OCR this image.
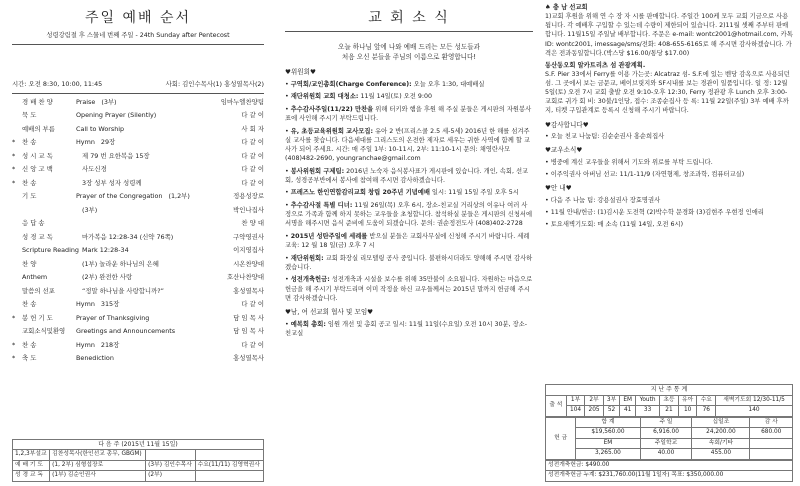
주일 예배 순서
성령강림절 후 스물네 번째 주일 - 24th Sunday after Pentecost
시간: 오전 8:30, 10:00, 11:45	사회: 김인수목사(1) 홍성열목사(2)
경 배 찬 양	Praise (3부)	임마누엘찬양팀
묵 도	Opening Prayer (Silently)	다 같 이
예배의 부름	Call to Worship	사 회 자
*	찬 송	Hymn 29장	다 같 이
*	성 시 교 독	제 79 번 요한복음 15장	다 같 이
*	신 앙 고 백	사도신경	다 같 이
*	찬 송	3장 성부 성자 성령께	다 같 이
기 도	Prayer of the Congregation (1,2부)	정용성장로
(3부)	박인나집사
응 답 송	찬 양 대
성 경 교 독	마가복음 12:28-34 (신약 76쪽)	구약영권사
Scripture Reading Mark 12:28-34	이지영집사
찬 양	(1부) 놀라운 하나님의 은혜	시온찬양대
Anthem	(2부) 완전한 사랑	호산나찬양대
말씀의 선포	“정말 하나님을 사랑합니까?”	홍성열목사
찬 송	Hymn 315장	다 같 이
*	봉 헌 기 도	Prayer of Thanksgiving	담 임 목 사
교회소식및환영	Greetings and Announcements	담 임 목 사
*	찬 송	Hymn 218장	다 같 이
*	축 도	Benediction	홍성열목사
다 음 주 (2015년 11월 15일)
1,2,3부설교	김찬성목사(한인선교 총무, GBGM)		
예 배 기 도	(1, 2부) 심형섭장로	(3부) 김인수목사	수요(11/11) 김영혁권사
성 경 교 독	(1부) 김순인권사	(2부)	
교 회 소 식
오늘 하나님 앞에 나와 예배 드리는 모든 성도들과
처음 오신 분들을 주님의 이름으로 환영합니다!
♥위원회♥
• 구역회/교인총회(Charge Conference): 오늘 오후 1:30, 대예배실
• 재단위원회 교회 대청소: 11월 14일(토) 오전 9:00
• 추수감사주일(11/22) 만찬을 위해 터키와 햄을 후원 해 주실 분들은 게시판의 자원봉사 표에 사인해 주시기 부탁드립니다.
• 유, 초등교육위원회 교사모집: 유아 2 반(프리스쿨 2.5 세-5세) 2016년 한 해를 섬겨주실 교사를 찾습니다. 다음세대를 그리스도의 온전한 제자로 세우는 귀한 사역에 함께 할 교사가 되어 주세요. 시간: 매 주일 1부: 10-11시, 2부: 11:10-1시 문의: 채영란사모 (408)482-2690, youngranchae@gmail.com
• 봉사위원회 구제팀: 2016년 노숙자 음식봉사표가 게시판에 있습니다. 개인, 속회, 선교회, 성경공부반에서 봉사에 참여해 주시면 감사하겠습니다.
• 프레즈노 한인연합감리교회 창립 20주년 기념예배 일시: 11월 15일 주일 오후 5시
• 추수감사절 특별 디너: 11월 26일(목) 오후 6시, 장소-친교실 거리상의 이유나 여러 사정으로 가족과 함께 하지 못하는 교우들을 초청합니다. 참석하실 분들은 게시판의 신청서에 서명을 해주시면 음식 준비에 도움이 되겠습니다. 문의: 권순정전도사 (408)402-2728
• 2015년 성탄주일에 세례를 받으실 분들은 교회사무실에 신청해 주시기 바랍니다. 세례교육: 12 월 18 일(금) 오후 7 시
• 재단위원회: 교회 화장실 리모델링 공사 중입니다. 불편하시더라도 양해해 주시면 감사하겠습니다.
• 성전개축헌금: 성전개축과 시설을 보수를 위해 35만불이 소요됩니다. 자원하는 마음으로 헌금을 해 주시기 부탁드리며 이미 작정을 하신 교우들께서는 2015년 말까지 헌금해 주시면 감사하겠습니다.
♥남, 여 선교회 협사 및 모임♥
• 예복회 총회: 임원 개선 및 총회 공고 일시: 11월 11일(수요일) 오전 10시 30분, 장소-친교실
♠ 충 남 선교회
1)교회 후원을 위해 연 수 장 자 시를 판매합니다. 주일간 100케 모두 교회 기금으로 사용됩니다. 각 예배후 구입할 수 있는데 수량이 제한되어 있습니다. 2)11월 셋째 주부터 판매합니다. 11월15일 주일날 배부합니다. 주문은 e-mail: wontc2001@hotmail.com, 카톡 ID: wontc2001, imessage/sms/전화: 408-655-6165로 해 주시면 감사하겠습니다. 가격은 전과동일합니다.(박스당 $16.00/통당 $17.00)
동산동오회 알카트리츠 섬 관광계획.
S.F. Pier 33에서 Ferry를 이용 가는곳: Alcatraz 섬- S.F.에 있는 벤당 감옥으로 사용되던 섬. 그 곳에서 보는 금문교, 베이브릿지와 SF시내를 보는 경관이 일품입니다. 일 정: 12월 5일(토) 오전 7시 교회 출발 오전 9:10-오후 12:30, Ferry 정관광 후 Lunch 오후 3:00-교회로 귀가 회 비: 30불/1인당, 접수: 조종순집사 등 록: 11월 22일(주일) 3부 예배 후까지, 티켓 구입관계로 등록시 신청해 주시기 바랍니다.
♥감사합니다♥
• 오늘 친교 나눔팀: 김순순권사 홍순희집사
♥교우소식♥
• 병중에 계신 교우들을 위해서 기도와 위로를 부탁 드립니다.
• 이주익권사 아버님 선교: 11/1-11/9 (자연형제, 창조과학, 컴퓨터교실)
♥안 내♥
• 다음 주 나눔 팀: 강용설권사 장효명권사
• 11월 안내/헌금: (1)김시운 도전혁 (2)박수학 문경화 (3)김현주 우현정 인애리
• 토요새벽기도회: 매 소속 (11월 14일, 오전 6시)
지 난 주 통 계
출 석	1부	2부	3부	EM	Youth	초등	유아	수요	새벽기도회 12/30-11/5
	104	205	52	41	33	21	10	76	140
헌 금	합 계	주 일	십일조	감 사
	$19,560.00	6,916.00	24,200.00	680.00
	EM	주일학교	속회/기타	
	3,265.00	40.00	455.00	
성전개축헌금: $490.00
성전개축헌금 누계: $231,760.00(11월 1일자) 목표: $350,000.00
